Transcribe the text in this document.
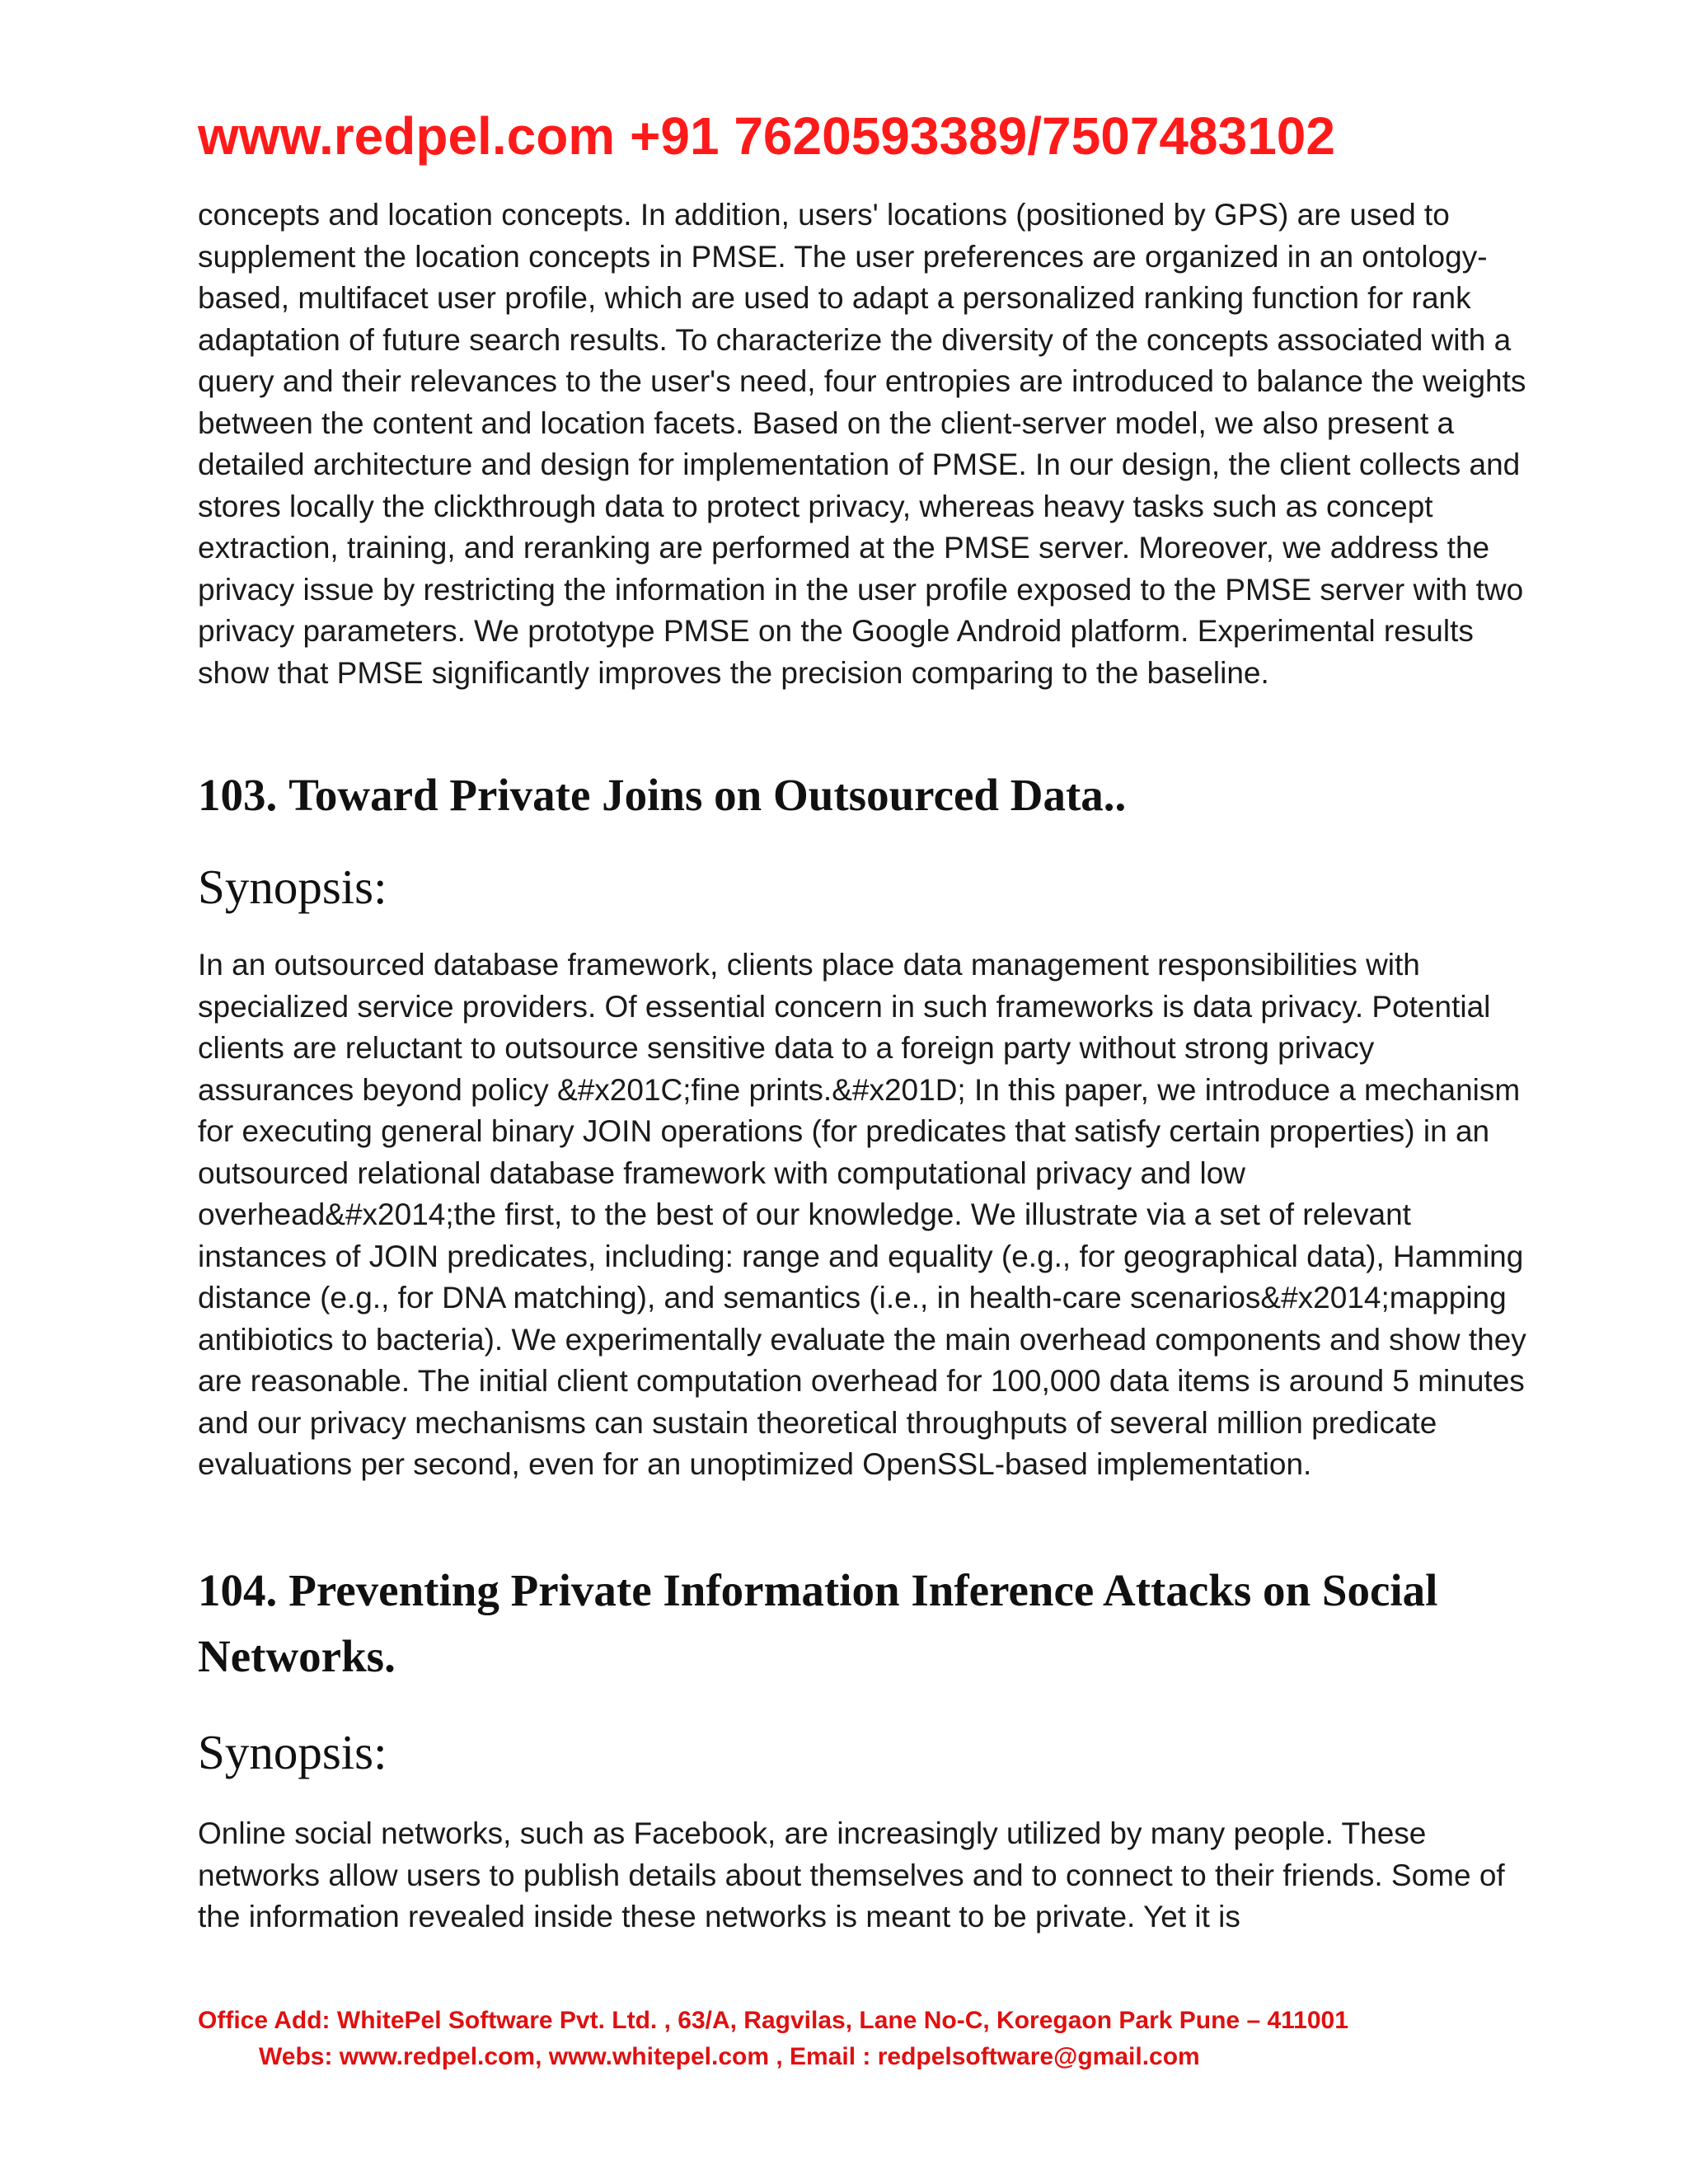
www.redpel.com +91 7620593389/7507483102

concepts and location concepts. In addition, users' locations (positioned by GPS) are used to supplement the location concepts in PMSE. The user preferences are organized in an ontology-based, multifacet user profile, which are used to adapt a personalized ranking function for rank adaptation of future search results. To characterize the diversity of the concepts associated with a query and their relevances to the user's need, four entropies are introduced to balance the weights between the content and location facets. Based on the client-server model, we also present a detailed architecture and design for implementation of PMSE. In our design, the client collects and stores locally the clickthrough data to protect privacy, whereas heavy tasks such as concept extraction, training, and reranking are performed at the PMSE server. Moreover, we address the privacy issue by restricting the information in the user profile exposed to the PMSE server with two privacy parameters. We prototype PMSE on the Google Android platform. Experimental results show that PMSE significantly improves the precision comparing to the baseline.

103. Toward Private Joins on Outsourced Data..
Synopsis:

In an outsourced database framework, clients place data management responsibilities with specialized service providers. Of essential concern in such frameworks is data privacy. Potential clients are reluctant to outsource sensitive data to a foreign party without strong privacy assurances beyond policy &#x201C;fine prints.&#x201D; In this paper, we introduce a mechanism for executing general binary JOIN operations (for predicates that satisfy certain properties) in an outsourced relational database framework with computational privacy and low overhead&#x2014;the first, to the best of our knowledge. We illustrate via a set of relevant instances of JOIN predicates, including: range and equality (e.g., for geographical data), Hamming distance (e.g., for DNA matching), and semantics (i.e., in health-care scenarios&#x2014;mapping antibiotics to bacteria). We experimentally evaluate the main overhead components and show they are reasonable. The initial client computation overhead for 100,000 data items is around 5 minutes and our privacy mechanisms can sustain theoretical throughputs of several million predicate evaluations per second, even for an unoptimized OpenSSL-based implementation.

104. Preventing Private Information Inference Attacks on Social Networks.
Synopsis:

Online social networks, such as Facebook, are increasingly utilized by many people. These networks allow users to publish details about themselves and to connect to their friends. Some of the information revealed inside these networks is meant to be private. Yet it is

Office Add: WhitePel Software Pvt. Ltd. , 63/A, Ragvilas, Lane No-C, Koregaon Park Pune – 411001
Webs: www.redpel.com, www.whitepel.com , Email : redpelsoftware@gmail.com
